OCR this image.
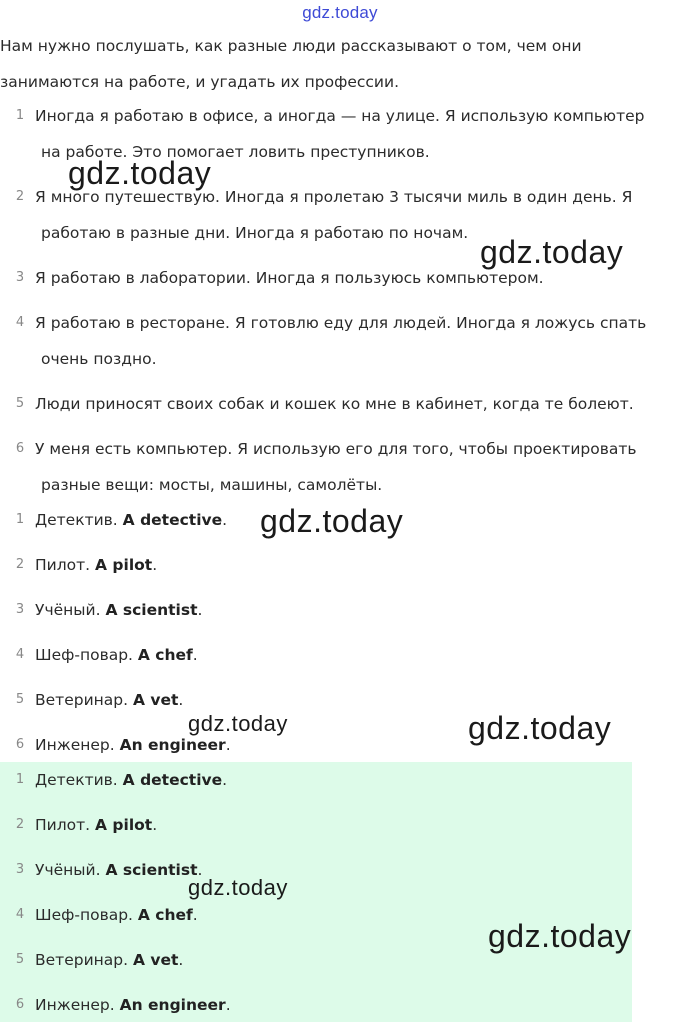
gdz.today
Нам нужно послушать, как разные люди рассказывают о том, чем они занимаются на работе, и угадать их профессии.
1 Иногда я работаю в офисе, а иногда — на улице. Я использую компьютер
на работе. Это помогает ловить преступников.
2 Я много путешествую. Иногда я пролетаю 3 тысячи миль в один день. Я
работаю в разные дни. Иногда я работаю по ночам.
3 Я работаю в лаборатории. Иногда я пользуюсь компьютером.
4 Я работаю в ресторане. Я готовлю еду для людей. Иногда я ложусь спать
очень поздно.
5 Люди приносят своих собак и кошек ко мне в кабинет, когда те болеют.
6 У меня есть компьютер. Я использую его для того, чтобы проектировать
разные вещи: мосты, машины, самолёты.
1 Детектив. A detective.
2 Пилот. A pilot.
3 Учёный. A scientist.
4 Шеф-повар. A chef.
5 Ветеринар. A vet.
6 Инженер. An engineer.
1 Детектив. A detective.
2 Пилот. A pilot.
3 Учёный. A scientist.
4 Шеф-повар. A chef.
5 Ветеринар. A vet.
6 Инженер. An engineer.
gdz.today
gdz.today
gdz.today
gdz.today	gdz.today
gdz.today
gdz.today
